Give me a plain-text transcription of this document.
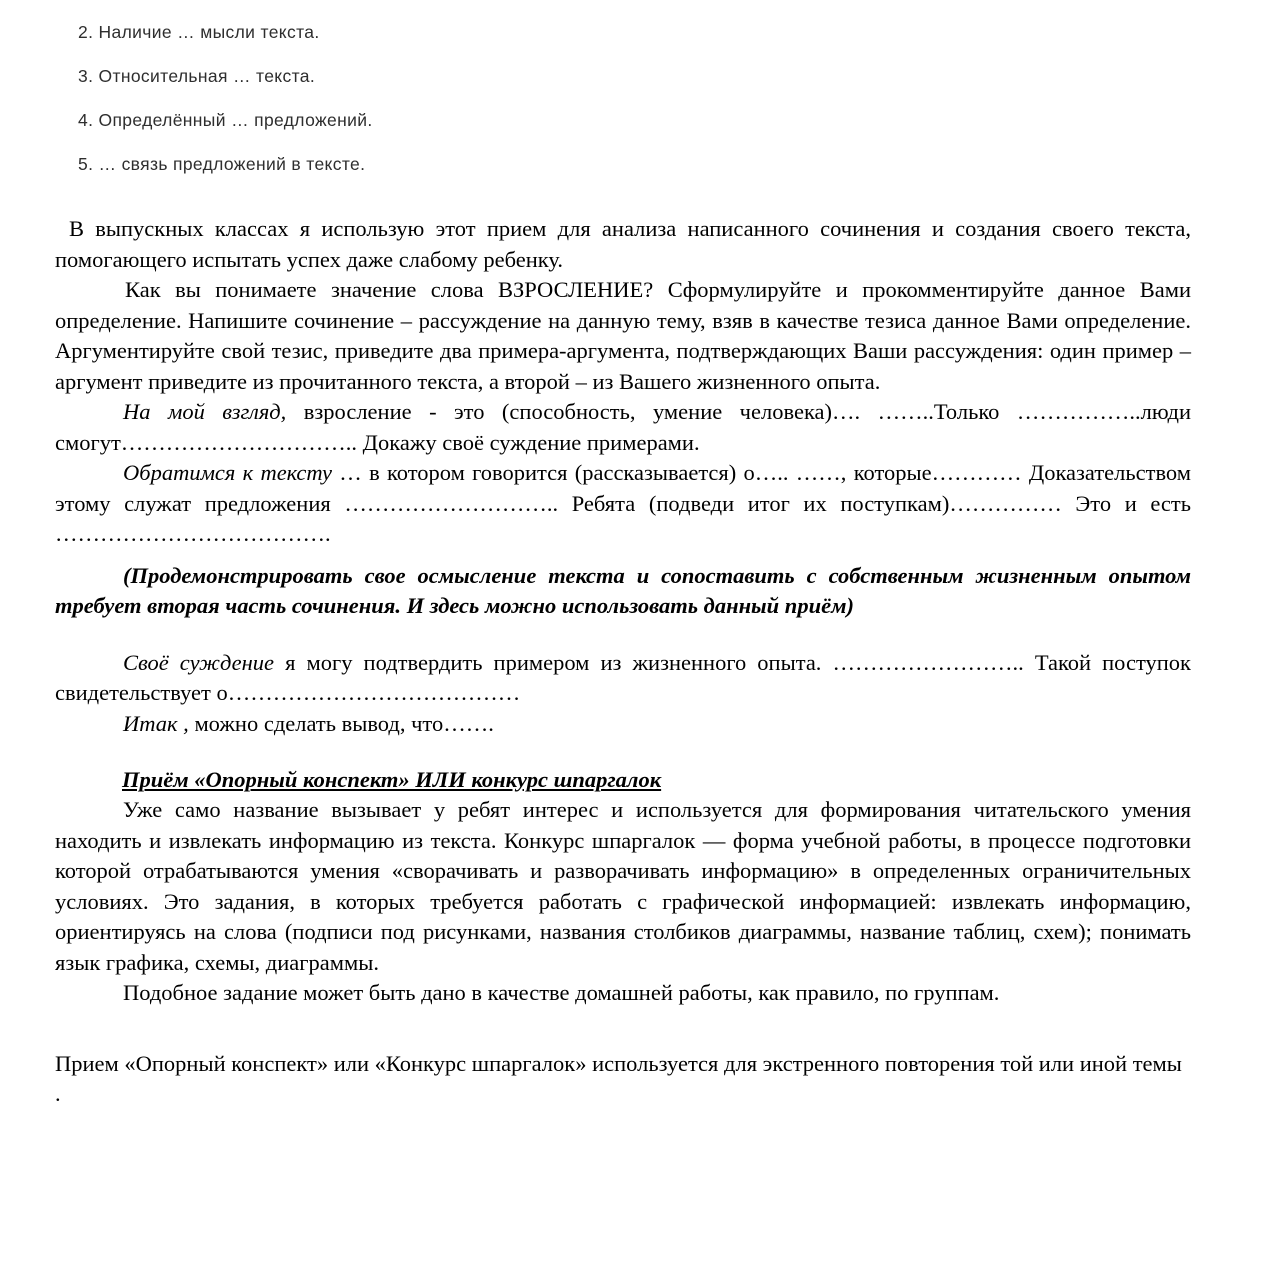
2. Наличие … мысли текста.
3. Относительная … текста.
4. Определённый … предложений.
5. … связь предложений в тексте.

В выпускных классах я использую этот прием для анализа написанного сочинения и создания своего текста, помогающего испытать успех даже слабому ребенку.

Как вы понимаете значение слова ВЗРОСЛЕНИЕ? Сформулируйте и прокомментируйте данное Вами определение. Напишите сочинение – рассуждение на данную тему, взяв в качестве тезиса данное Вами определение. Аргументируйте свой тезис, приведите два примера-аргумента, подтверждающих Ваши рассуждения: один пример – аргумент приведите из прочитанного текста, а второй – из Вашего жизненного опыта.

На мой взгляд, взросление - это (способность, умение человека)…. ……..Только ……………..люди смогут………………………….. Докажу своё суждение примерами.

Обратимся к тексту … в котором говорится (рассказывается) о….. ……, которые………… Доказательством этому служат предложения ……………………….. Ребята (подведи итог их поступкам)…………… Это и есть ……………………………….

(Продемонстрировать свое осмысление текста и сопоставить с собственным жизненным опытом требует вторая часть сочинения. И здесь можно использовать данный приём)

Своё суждение я могу подтвердить примером из жизненного опыта. …………………….. Такой поступок свидетельствует о…………………………………

Итак , можно сделать вывод, что…….

Приём «Опорный конспект» ИЛИ конкурс шпаргалок

Уже само название вызывает у ребят интерес и используется для формирования читательского умения находить и извлекать информацию из текста. Конкурс шпаргалок — форма учебной работы, в процессе подготовки которой отрабатываются умения «сворачивать и разворачивать информацию» в определенных ограничительных условиях. Это задания, в которых требуется работать с графической информацией: извлекать информацию, ориентируясь на слова (подписи под рисунками, названия столбиков диаграммы, название таблиц, схем); понимать язык графика, схемы, диаграммы.

Подобное задание может быть дано в качестве домашней работы, как правило, по группам.

Прием «Опорный конспект» или «Конкурс шпаргалок» используется для экстренного повторения той или иной темы .
